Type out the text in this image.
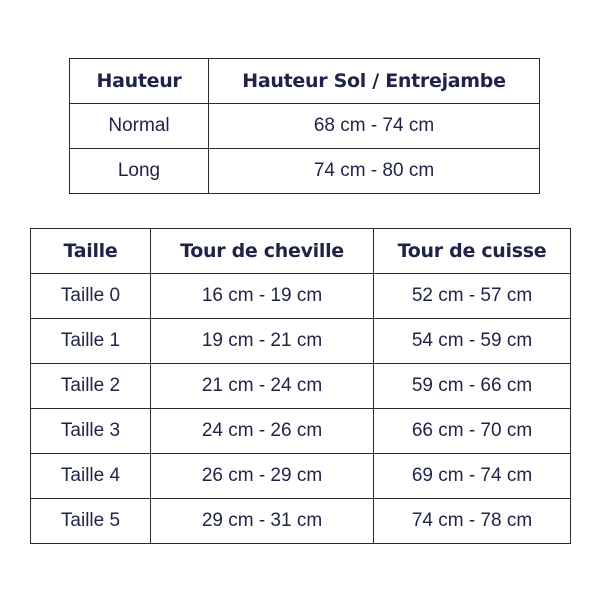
Hauteur	Hauteur Sol / Entrejambe
Normal	68 cm - 74 cm
Long	74 cm - 80 cm
Taille	Tour de cheville	Tour de cuisse
Taille 0	16 cm - 19 cm	52 cm - 57 cm
Taille 1	19 cm - 21 cm	54 cm - 59 cm
Taille 2	21 cm - 24 cm	59 cm - 66 cm
Taille 3	24 cm - 26 cm	66 cm - 70 cm
Taille 4	26 cm - 29 cm	69 cm - 74 cm
Taille 5	29 cm - 31 cm	74 cm - 78 cm
